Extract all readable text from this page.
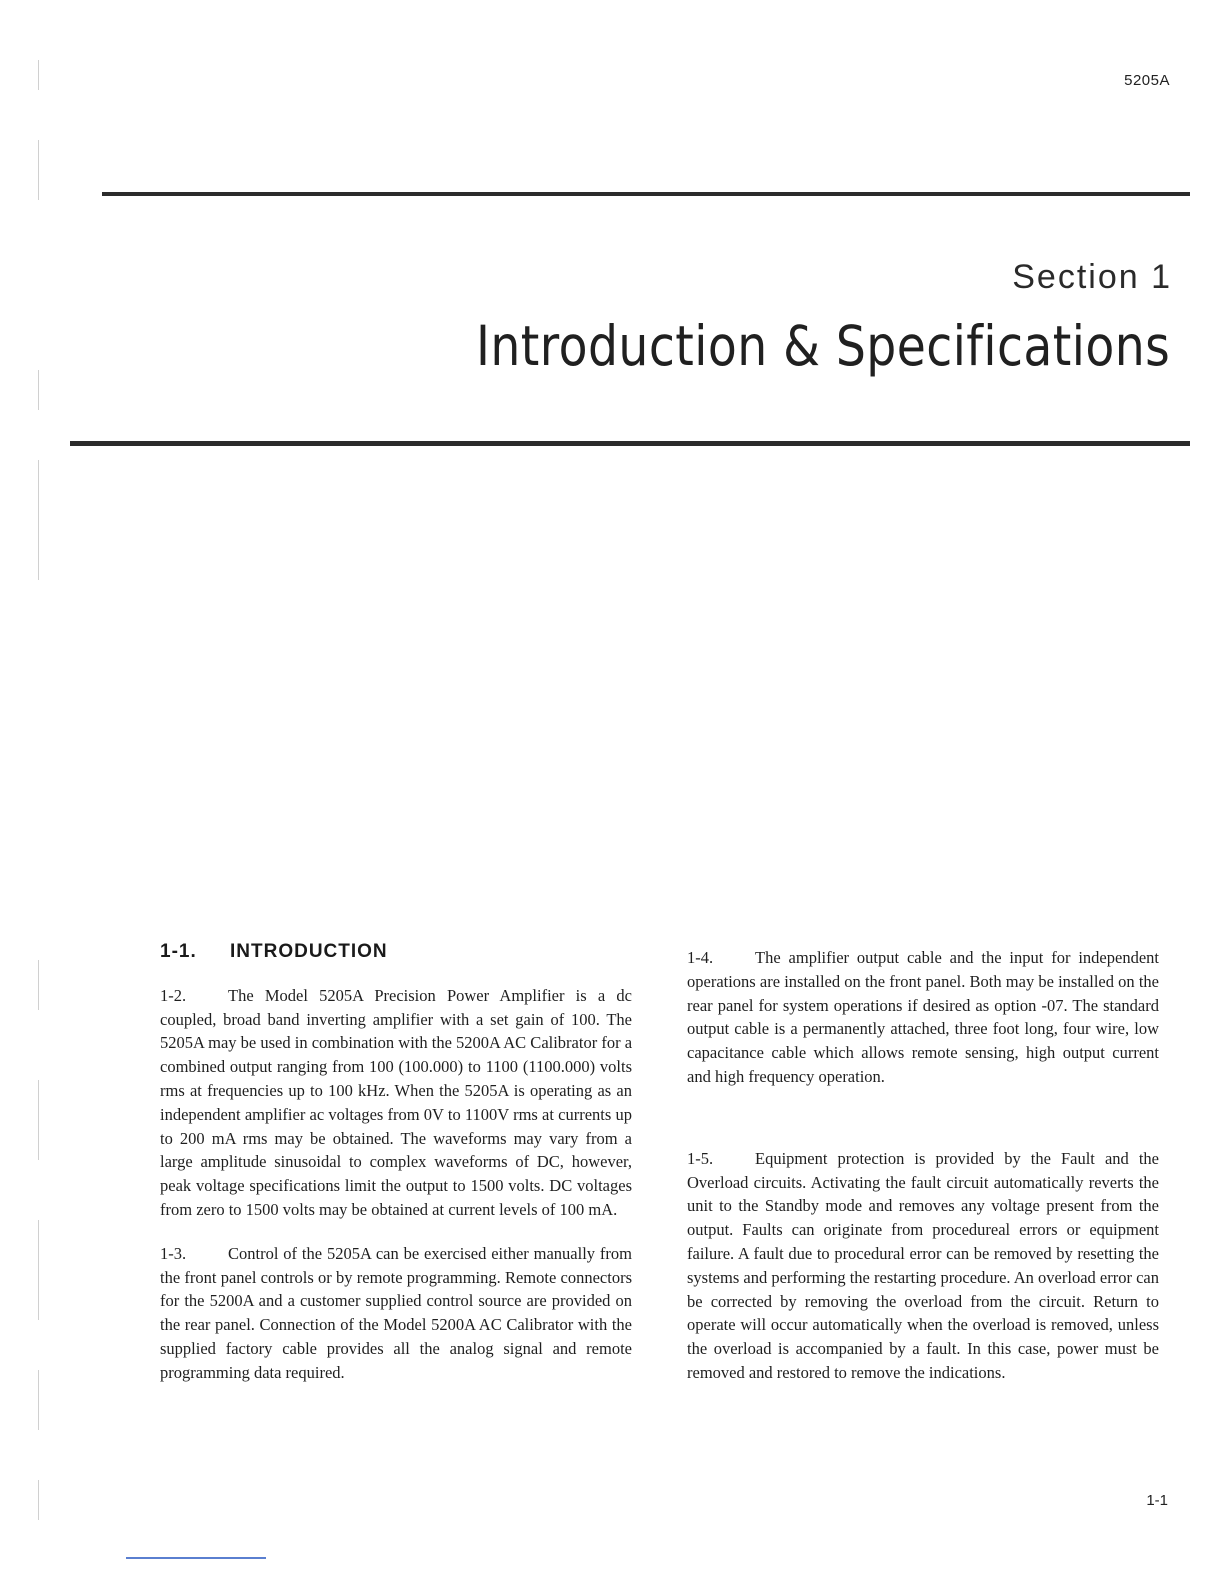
5205A
Section 1
Introduction & Specifications
1-1. INTRODUCTION

1-2.	The Model 5205A Precision Power Amplifier is a dc coupled, broad band inverting amplifier with a set gain of 100. The 5205A may be used in combination with the 5200A AC Calibrator for a combined output ranging from 100 (100.000) to 1100 (1100.000) volts rms at frequencies up to 100 kHz. When the 5205A is operating as an independent amplifier ac voltages from 0V to 1100V rms at currents up to 200 mA rms may be obtained. The waveforms may vary from a large amplitude sinusoidal to complex waveforms of DC, however, peak voltage specifications limit the output to 1500 volts. DC voltages from zero to 1500 volts may be obtained at current levels of 100 mA.

1-3.	Control of the 5205A can be exercised either manually from the front panel controls or by remote programming. Remote connectors for the 5200A and a customer supplied control source are provided on the rear panel. Connection of the Model 5200A AC Calibrator with the supplied factory cable provides all the analog signal and remote programming data required.

1-4.	The amplifier output cable and the input for independent operations are installed on the front panel. Both may be installed on the rear panel for system operations if desired as option -07. The standard output cable is a permanently attached, three foot long, four wire, low capacitance cable which allows remote sensing, high output current and high frequency operation.

1-5.	Equipment protection is provided by the Fault and the Overload circuits. Activating the fault circuit automatically reverts the unit to the Standby mode and removes any voltage present from the output. Faults can originate from procedureal errors or equipment failure. A fault due to procedural error can be removed by resetting the systems and performing the restarting procedure. An overload error can be corrected by removing the overload from the circuit. Return to operate will occur automatically when the overload is removed, unless the overload is accompanied by a fault. In this case, power must be removed and restored to remove the indications.

1-1
